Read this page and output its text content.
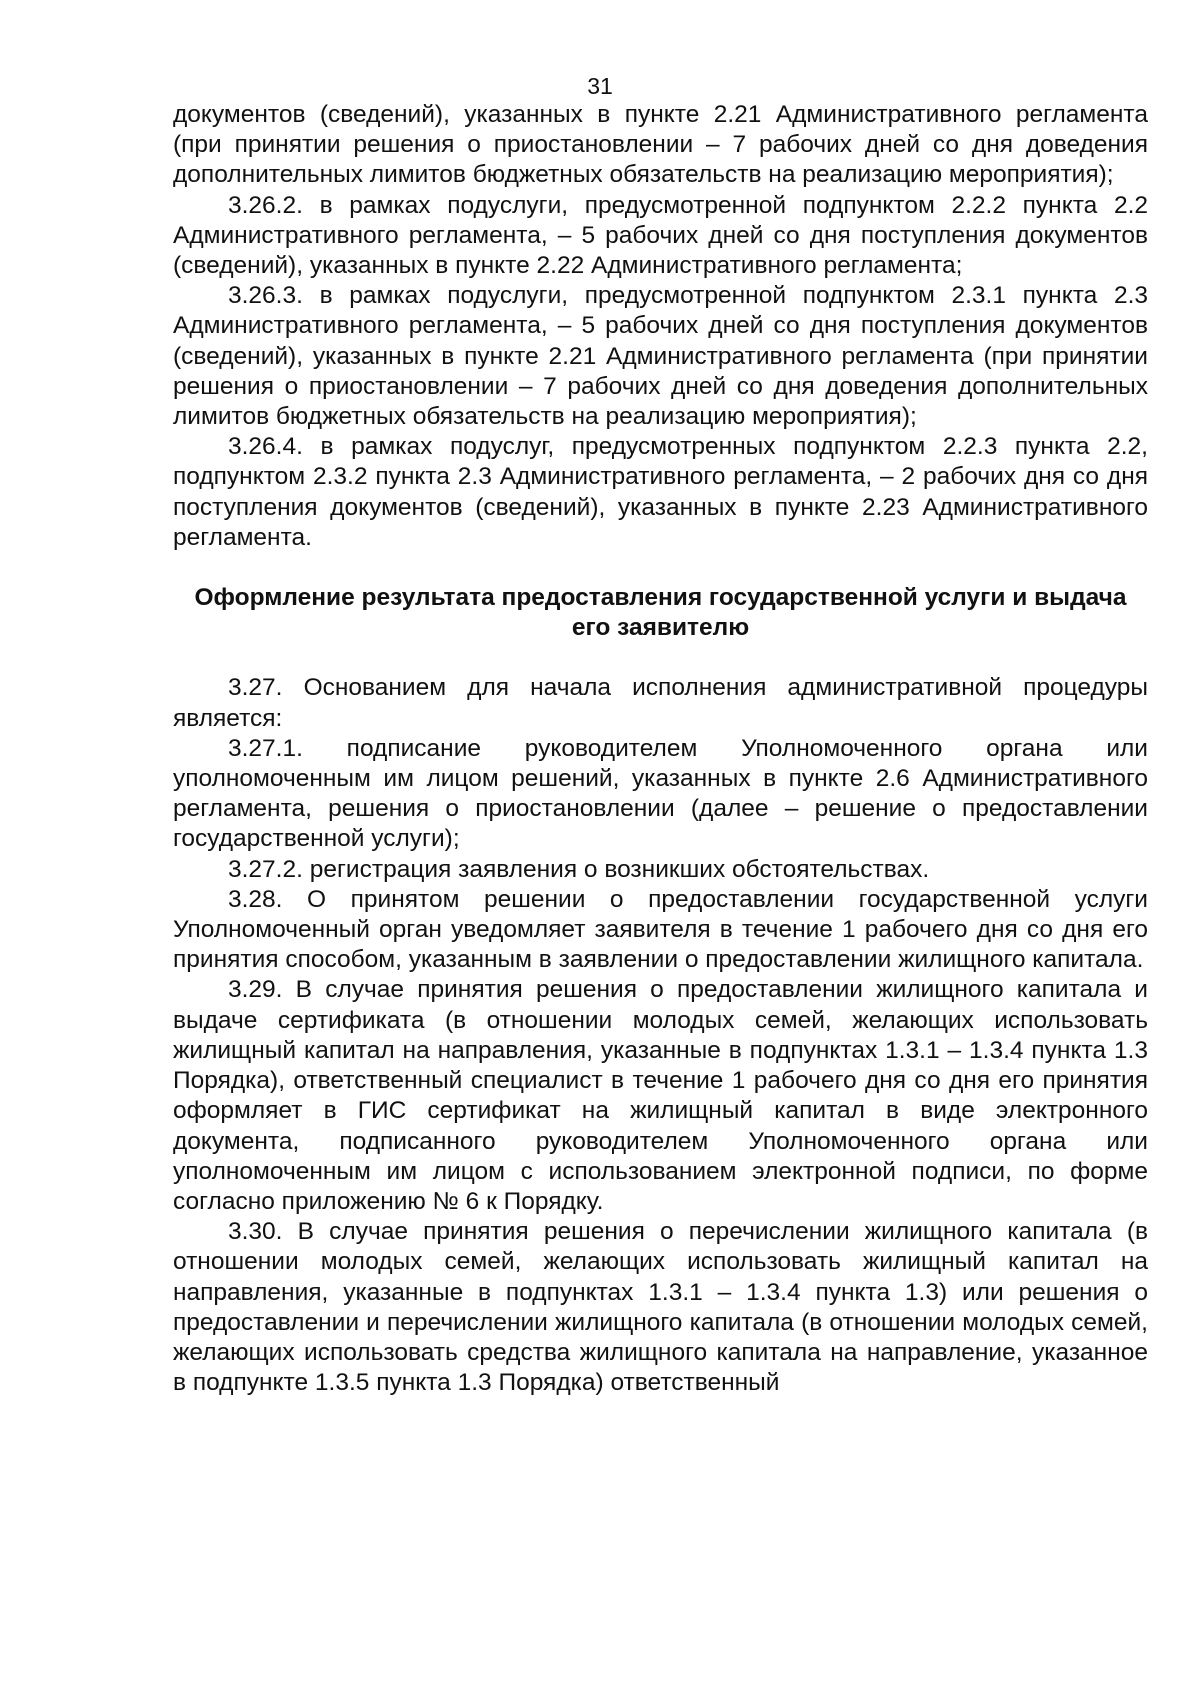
31

документов (сведений), указанных в пункте 2.21 Административного регламента (при принятии решения о приостановлении – 7 рабочих дней со дня доведения дополнительных лимитов бюджетных обязательств на реализацию мероприятия);

3.26.2. в рамках подуслуги, предусмотренной подпунктом 2.2.2 пункта 2.2 Административного регламента, – 5 рабочих дней со дня поступления документов (сведений), указанных в пункте 2.22 Административного регламента;

3.26.3. в рамках подуслуги, предусмотренной подпунктом 2.3.1 пункта 2.3 Административного регламента, – 5 рабочих дней со дня поступления документов (сведений), указанных в пункте 2.21 Административного регламента (при принятии решения о приостановлении – 7 рабочих дней со дня доведения дополнительных лимитов бюджетных обязательств на реализацию мероприятия);

3.26.4. в рамках подуслуг, предусмотренных подпунктом 2.2.3 пункта 2.2, подпунктом 2.3.2 пункта 2.3 Административного регламента, – 2 рабочих дня со дня поступления документов (сведений), указанных в пункте 2.23 Административного регламента.

Оформление результата предоставления государственной услуги и выдача его заявителю

3.27. Основанием для начала исполнения административной процедуры является:

3.27.1. подписание руководителем Уполномоченного органа или уполномоченным им лицом решений, указанных в пункте 2.6 Административного регламента, решения о приостановлении (далее – решение о предоставлении государственной услуги);

3.27.2. регистрация заявления о возникших обстоятельствах.

3.28. О принятом решении о предоставлении государственной услуги Уполномоченный орган уведомляет заявителя в течение 1 рабочего дня со дня его принятия способом, указанным в заявлении о предоставлении жилищного капитала.

3.29. В случае принятия решения о предоставлении жилищного капитала и выдаче сертификата (в отношении молодых семей, желающих использовать жилищный капитал на направления, указанные в подпунктах 1.3.1 – 1.3.4 пункта 1.3 Порядка), ответственный специалист в течение 1 рабочего дня со дня его принятия оформляет в ГИС сертификат на жилищный капитал в виде электронного документа, подписанного руководителем Уполномоченного органа или уполномоченным им лицом с использованием электронной подписи, по форме согласно приложению № 6 к Порядку.

3.30. В случае принятия решения о перечислении жилищного капитала (в отношении молодых семей, желающих использовать жилищный капитал на направления, указанные в подпунктах 1.3.1 – 1.3.4 пункта 1.3) или решения о предоставлении и перечислении жилищного капитала (в отношении молодых семей, желающих использовать средства жилищного капитала на направление, указанное в подпункте 1.3.5 пункта 1.3 Порядка) ответственный
